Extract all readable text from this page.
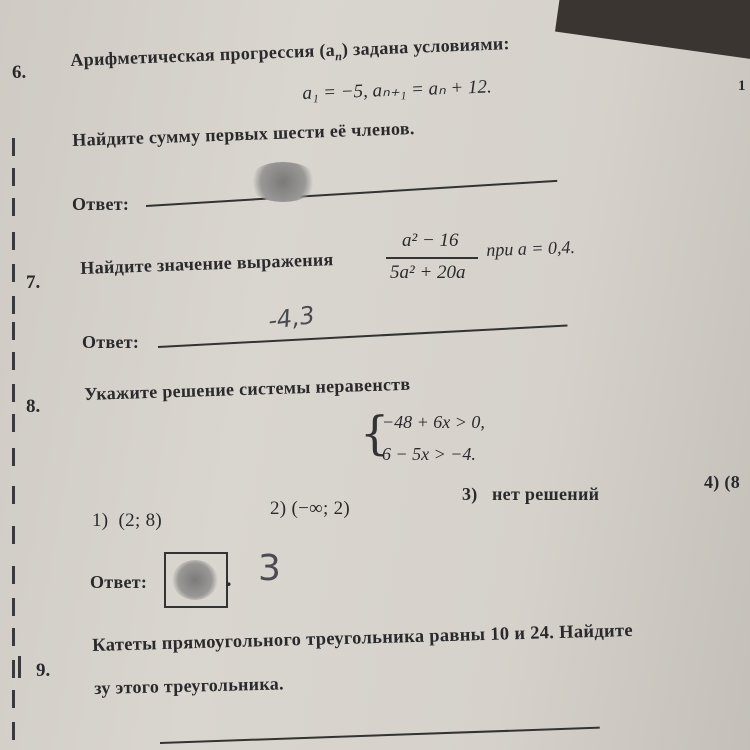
1
6.
Арифметическая прогрессия $(a_n)$ задана условиями:
a₁ = −5, aₙ₊₁ = aₙ + 12.
Найдите сумму первых шести её членов.
Ответ:
7.
Найдите значение выражения
a² − 16
5a² + 20a
при a = 0,4.
Ответ:
-4,3
8.
Укажите решение системы неравенств
{
−48 + 6x > 0,
6 − 5x > −4.
1) (2; 8)
2) (−∞; 2)
3) нет решений
4) (8
Ответ:	. 3
9.
Катеты прямоугольного треугольника равны 10 и 24. Найдите
зу этого треугольника.
